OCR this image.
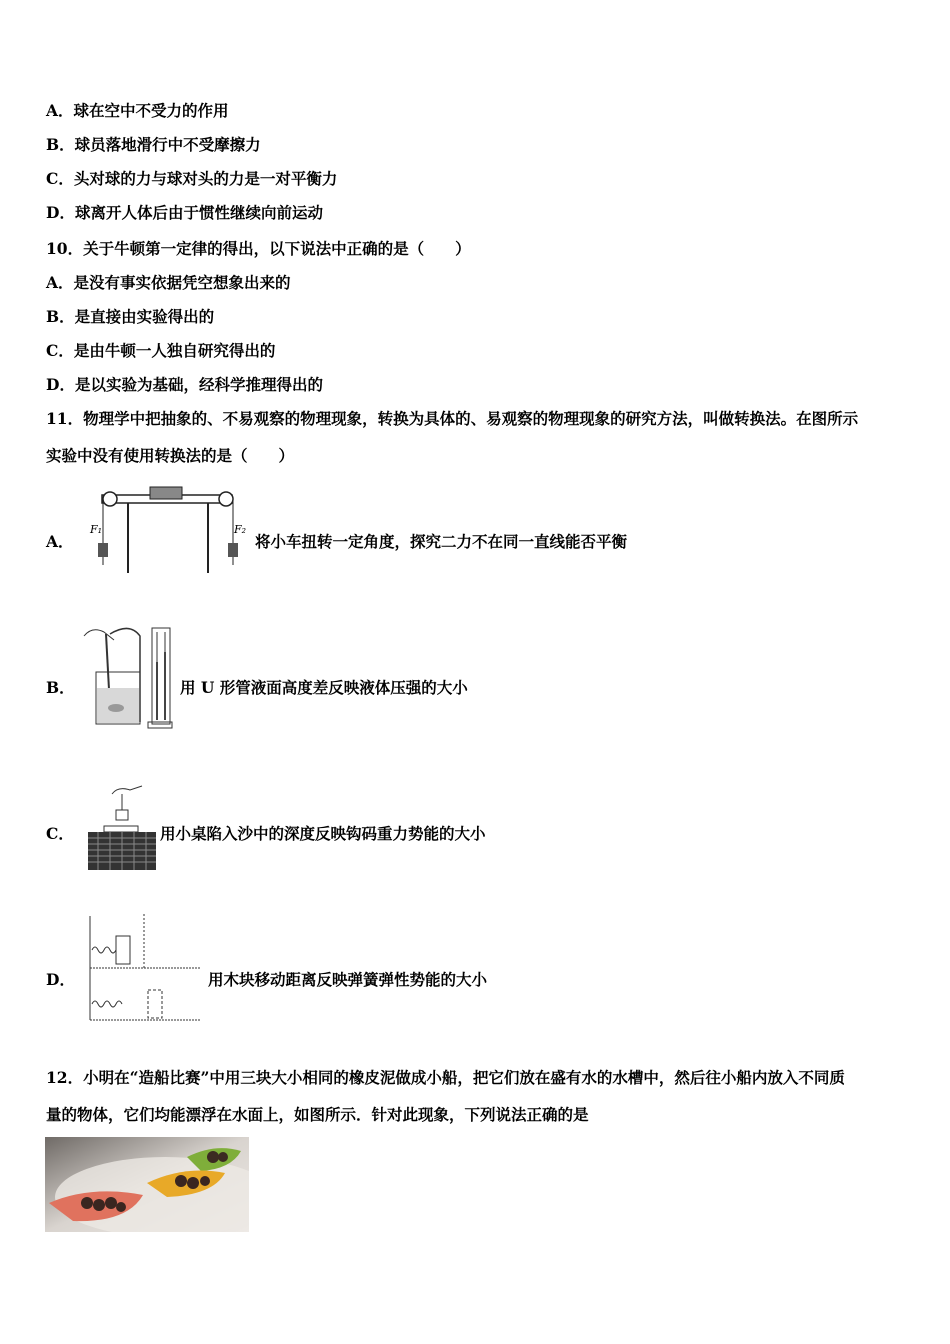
A．球在空中不受力的作用
B．球员落地滑行中不受摩擦力
C．头对球的力与球对头的力是一对平衡力
D．球离开人体后由于惯性继续向前运动
10．关于牛顿第一定律的得出，以下说法中正确的是（　　）
A．是没有事实依据凭空想象出来的
B．是直接由实验得出的
C．是由牛顿一人独自研究得出的
D．是以实验为基础，经科学推理得出的
11．物理学中把抽象的、不易观察的物理现象，转换为具体的、易观察的物理现象的研究方法，叫做转换法。在图所示
实验中没有使用转换法的是（　　）
A．
F₁	F₂
将小车扭转一定角度，探究二力不在同一直线能否平衡
B．	用 U 形管液面高度差反映液体压强的大小
C．	用小桌陷入沙中的深度反映钩码重力势能的大小
D．	用木块移动距离反映弹簧弹性势能的大小
12．小明在“造船比赛”中用三块大小相同的橡皮泥做成小船，把它们放在盛有水的水槽中，然后往小船内放入不同质
量的物体，它们均能漂浮在水面上，如图所示．针对此现象，下列说法正确的是
